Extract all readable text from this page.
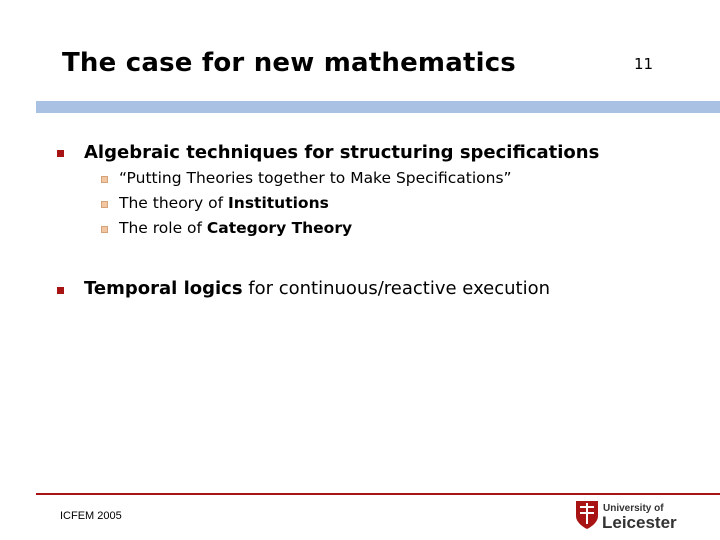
The case for new mathematics	11
Algebraic techniques for structuring specifications
“Putting Theories together to Make Specifications”
The theory of Institutions
The role of Category Theory
Temporal logics for continuous/reactive execution
ICFEM 2005
University of
Leicester
